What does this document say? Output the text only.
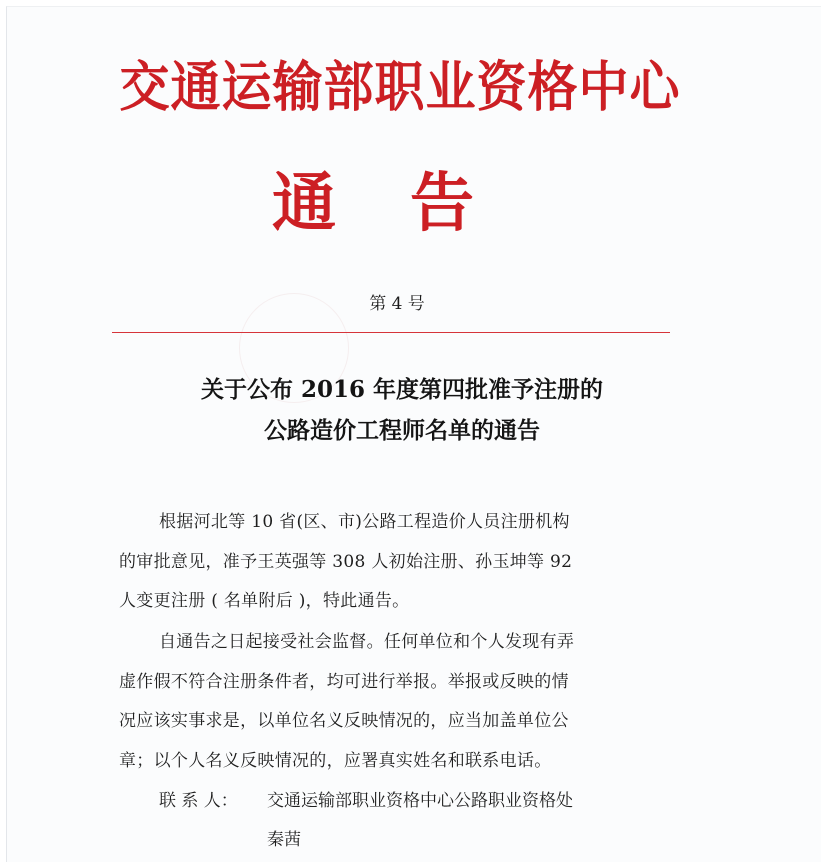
交通运输部职业资格中心
通告
第 4 号
关于公布 2016 年度第四批准予注册的
公路造价工程师名单的通告
根据河北等 10 省(区、市)公路工程造价人员注册机构
的审批意见，准予王英强等 308 人初始注册、孙玉坤等 92
人变更注册 ( 名单附后 )，特此通告。
自通告之日起接受社会监督。任何单位和个人发现有弄
虚作假不符合注册条件者，均可进行举报。举报或反映的情
况应该实事求是，以单位名义反映情况的，应当加盖单位公
章；以个人名义反映情况的，应署真实姓名和联系电话。
联 系 人： 交通运输部职业资格中心公路职业资格处
秦茜
